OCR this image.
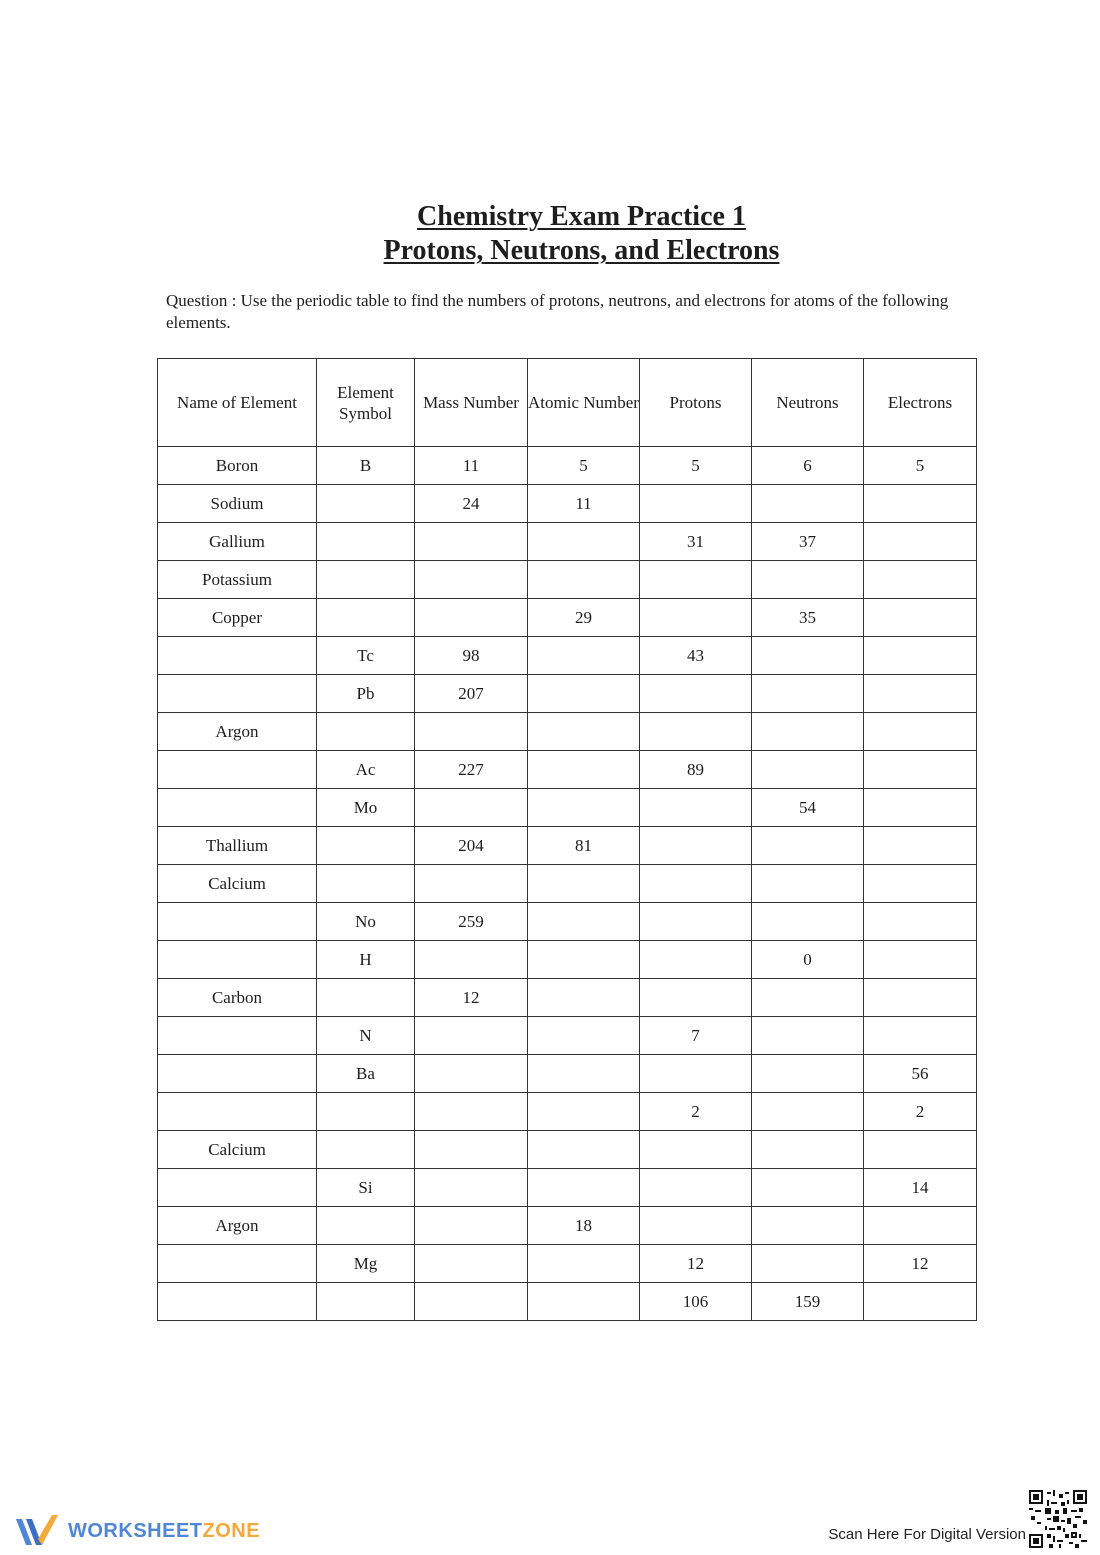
Chemistry Exam Practice 1
Protons, Neutrons, and Electrons
Question : Use the periodic table to find the numbers of protons, neutrons, and electrons for atoms of the following elements.
Name of Element	Element Symbol	Mass Number	Atomic Number	Protons	Neutrons	Electrons
Boron	B	11	5	5	6	5
Sodium		24	11			
Gallium				31	37	
Potassium						
Copper			29		35	
	Tc	98		43		
	Pb	207				
Argon						
	Ac	227		89		
	Mo				54	
Thallium		204	81			
Calcium						
	No	259				
	H				0	
Carbon		12				
	N			7		
	Ba					56
				2		2
Calcium						
	Si					14
Argon			18			
	Mg			12		12
				106	159	
WORKSHEETZONE	Scan Here For Digital Version
